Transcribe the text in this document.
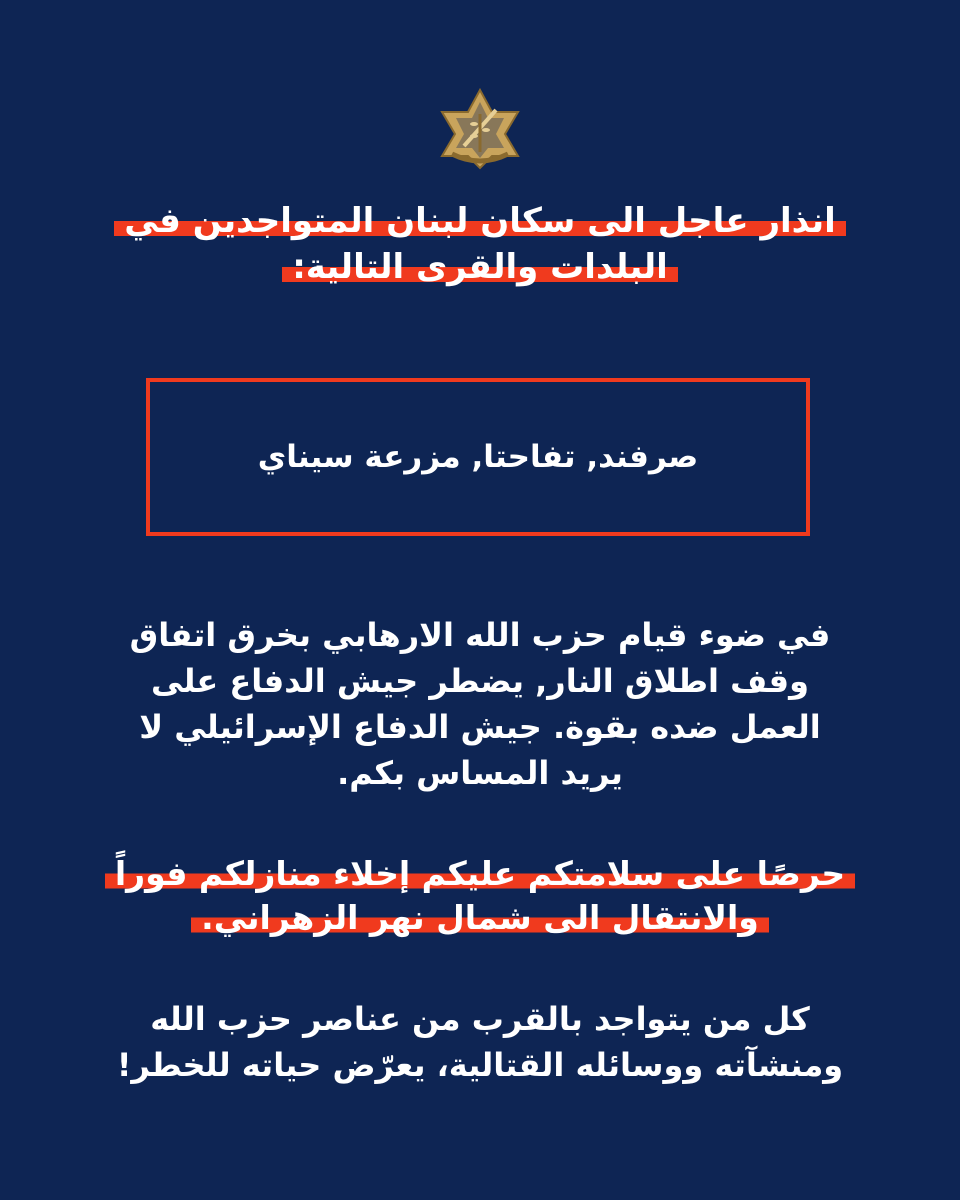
انذار عاجل الى سكان لبنان المتواجدين في
البلدات والقرى التالية:
صرفند, تفاحتا, مزرعة سيناي
في ضوء قيام حزب الله الارهابي بخرق اتفاق
وقف اطلاق النار, يضطر جيش الدفاع على
العمل ضده بقوة. جيش الدفاع الإسرائيلي لا
يريد المساس بكم.
حرصًا على سلامتكم عليكم إخلاء منازلكم فوراً
والانتقال الى شمال نهر الزهراني.
كل من يتواجد بالقرب من عناصر حزب الله
ومنشآته ووسائله القتالية، يعرّض حياته للخطر!
